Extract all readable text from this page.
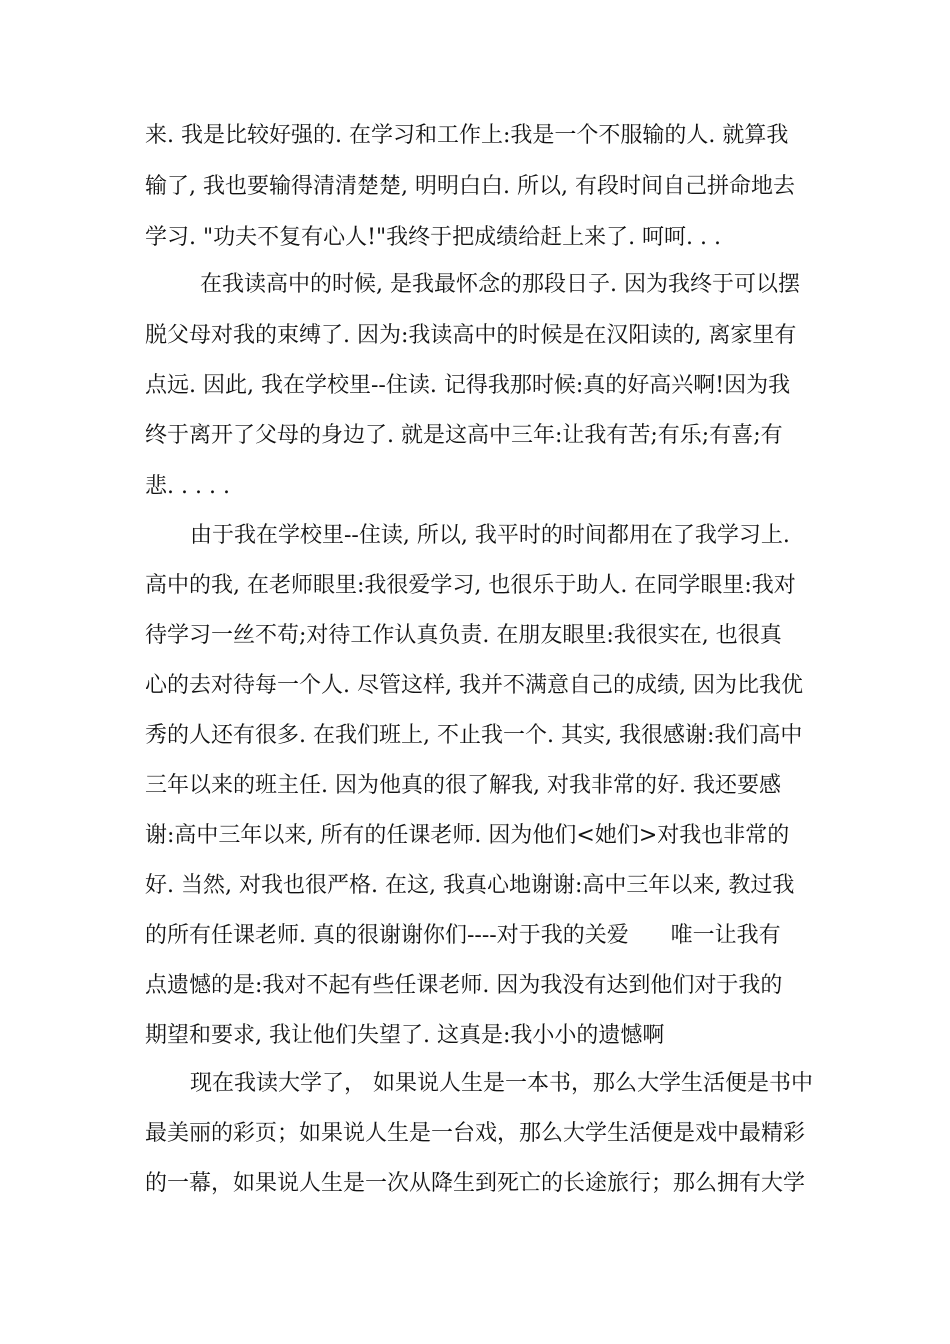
来. 我是比较好强的. 在学习和工作上:我是一个不服输的人. 就算我
输了, 我也要输得清清楚楚, 明明白白. 所以, 有段时间自己拼命地去
学习. "功夫不复有心人!"我终于把成绩给赶上来了. 呵呵. . .
在我读高中的时候, 是我最怀念的那段日子. 因为我终于可以摆
脱父母对我的束缚了. 因为:我读高中的时候是在汉阳读的, 离家里有
点远. 因此, 我在学校里--住读. 记得我那时候:真的好高兴啊!因为我
终于离开了父母的身边了. 就是这高中三年:让我有苦;有乐;有喜;有
悲. . . . .
由于我在学校里--住读, 所以, 我平时的时间都用在了我学习上.
高中的我, 在老师眼里:我很爱学习, 也很乐于助人. 在同学眼里:我对
待学习一丝不苟;对待工作认真负责. 在朋友眼里:我很实在, 也很真
心的去对待每一个人. 尽管这样, 我并不满意自己的成绩, 因为比我优
秀的人还有很多. 在我们班上, 不止我一个. 其实, 我很感谢:我们高中
三年以来的班主任. 因为他真的很了解我, 对我非常的好. 我还要感
谢:高中三年以来, 所有的任课老师. 因为他们<她们>对我也非常的
好. 当然, 对我也很严格. 在这, 我真心地谢谢:高中三年以来, 教过我
的所有任课老师. 真的很谢谢你们----对于我的关爱      唯一让我有
点遗憾的是:我对不起有些任课老师. 因为我没有达到他们对于我的
期望和要求, 我让他们失望了. 这真是:我小小的遗憾啊
现在我读大学了， 如果说人生是一本书，那么大学生活便是书中
最美丽的彩页；如果说人生是一台戏，那么大学生活便是戏中最精彩
的一幕，如果说人生是一次从降生到死亡的长途旅行；那么拥有大学
